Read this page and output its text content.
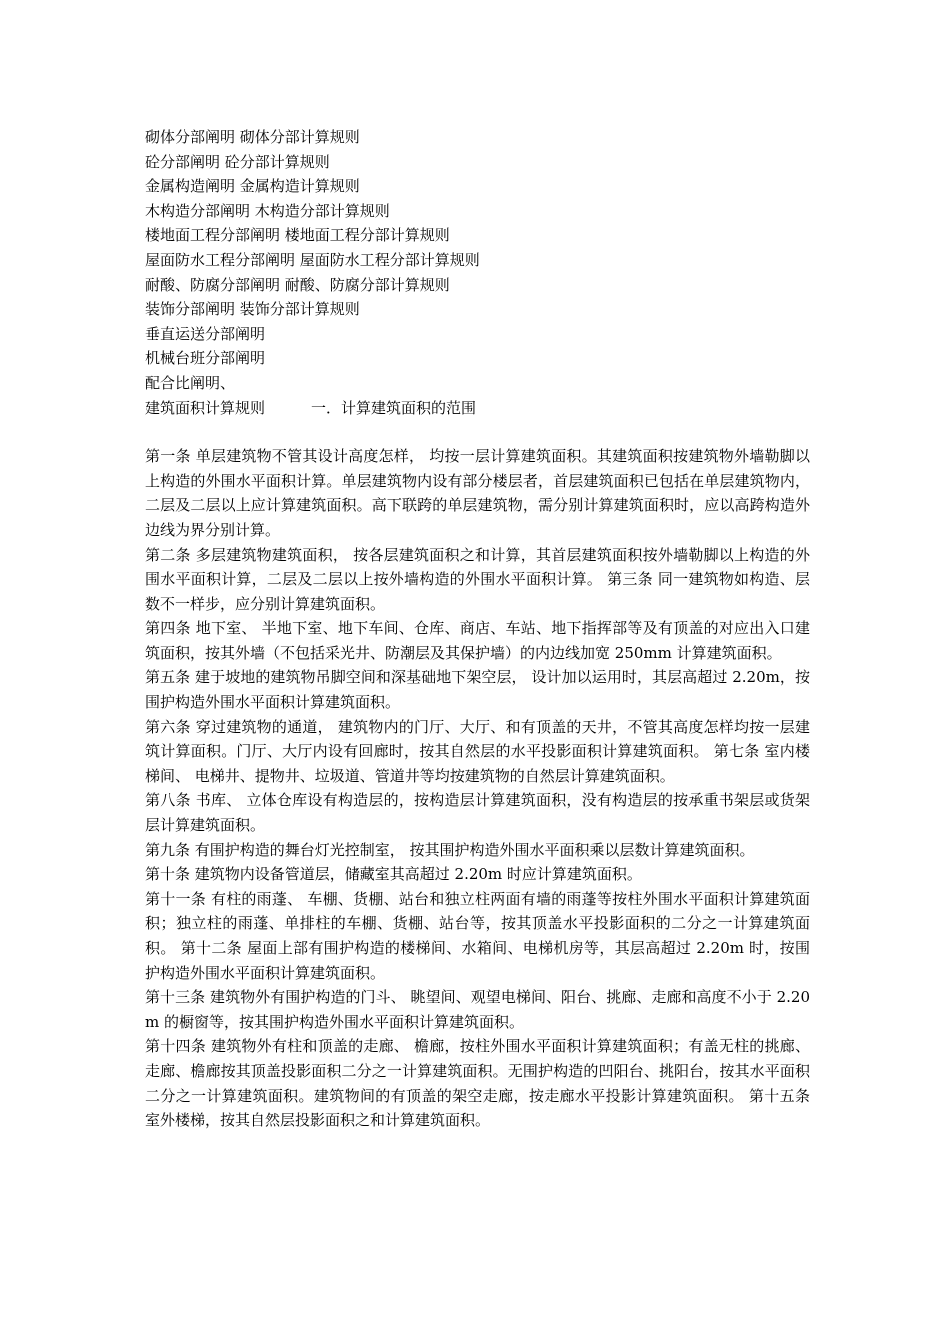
砌体分部阐明 砌体分部计算规则
砼分部阐明 砼分部计算规则
金属构造阐明 金属构造计算规则
木构造分部阐明 木构造分部计算规则
楼地面工程分部阐明 楼地面工程分部计算规则
屋面防水工程分部阐明 屋面防水工程分部计算规则
耐酸、防腐分部阐明 耐酸、防腐分部计算规则
装饰分部阐明 装饰分部计算规则
垂直运送分部阐明
机械台班分部阐明
配合比阐明、
建筑面积计算规则	一．计算建筑面积的范围

第一条 单层建筑物不管其设计高度怎样， 均按一层计算建筑面积。其建筑面积按建筑物外墙勒脚以上构造的外围水平面积计算。单层建筑物内设有部分楼层者，首层建筑面积已包括在单层建筑物内，二层及二层以上应计算建筑面积。高下联跨的单层建筑物，需分别计算建筑面积时，应以高跨构造外边线为界分别计算。

第二条 多层建筑物建筑面积， 按各层建筑面积之和计算，其首层建筑面积按外墙勒脚以上构造的外围水平面积计算，二层及二层以上按外墙构造的外围水平面积计算。 第三条 同一建筑物如构造、层数不一样步，应分别计算建筑面积。

第四条 地下室、 半地下室、地下车间、仓库、商店、车站、地下指挥部等及有顶盖的对应出入口建筑面积，按其外墙（不包括采光井、防潮层及其保护墙）的内边线加宽 250mm 计算建筑面积。

第五条 建于坡地的建筑物吊脚空间和深基础地下架空层， 设计加以运用时，其层高超过 2.20m，按围护构造外围水平面积计算建筑面积。

第六条 穿过建筑物的通道， 建筑物内的门厅、大厅、和有顶盖的天井，不管其高度怎样均按一层建筑计算面积。门厅、大厅内设有回廊时，按其自然层的水平投影面积计算建筑面积。 第七条 室内楼梯间、 电梯井、提物井、垃圾道、管道井等均按建筑物的自然层计算建筑面积。

第八条 书库、 立体仓库设有构造层的，按构造层计算建筑面积，没有构造层的按承重书架层或货架层计算建筑面积。

第九条 有围护构造的舞台灯光控制室， 按其围护构造外围水平面积乘以层数计算建筑面积。

第十条 建筑物内设备管道层，储藏室其高超过 2.20m 时应计算建筑面积。

第十一条 有柱的雨蓬、 车棚、货棚、站台和独立柱两面有墙的雨蓬等按柱外围水平面积计算建筑面积；独立柱的雨蓬、单排柱的车棚、货棚、站台等，按其顶盖水平投影面积的二分之一计算建筑面积。 第十二条 屋面上部有围护构造的楼梯间、水箱间、电梯机房等，其层高超过 2.20m 时，按围护构造外围水平面积计算建筑面积。

第十三条 建筑物外有围护构造的门斗、 眺望间、观望电梯间、阳台、挑廊、走廊和高度不小于 2.20m 的橱窗等，按其围护构造外围水平面积计算建筑面积。

第十四条 建筑物外有柱和顶盖的走廊、 檐廊，按柱外围水平面积计算建筑面积；有盖无柱的挑廊、走廊、檐廊按其顶盖投影面积二分之一计算建筑面积。无围护构造的凹阳台、挑阳台，按其水平面积二分之一计算建筑面积。建筑物间的有顶盖的架空走廊，按走廊水平投影计算建筑面积。 第十五条 室外楼梯，按其自然层投影面积之和计算建筑面积。
